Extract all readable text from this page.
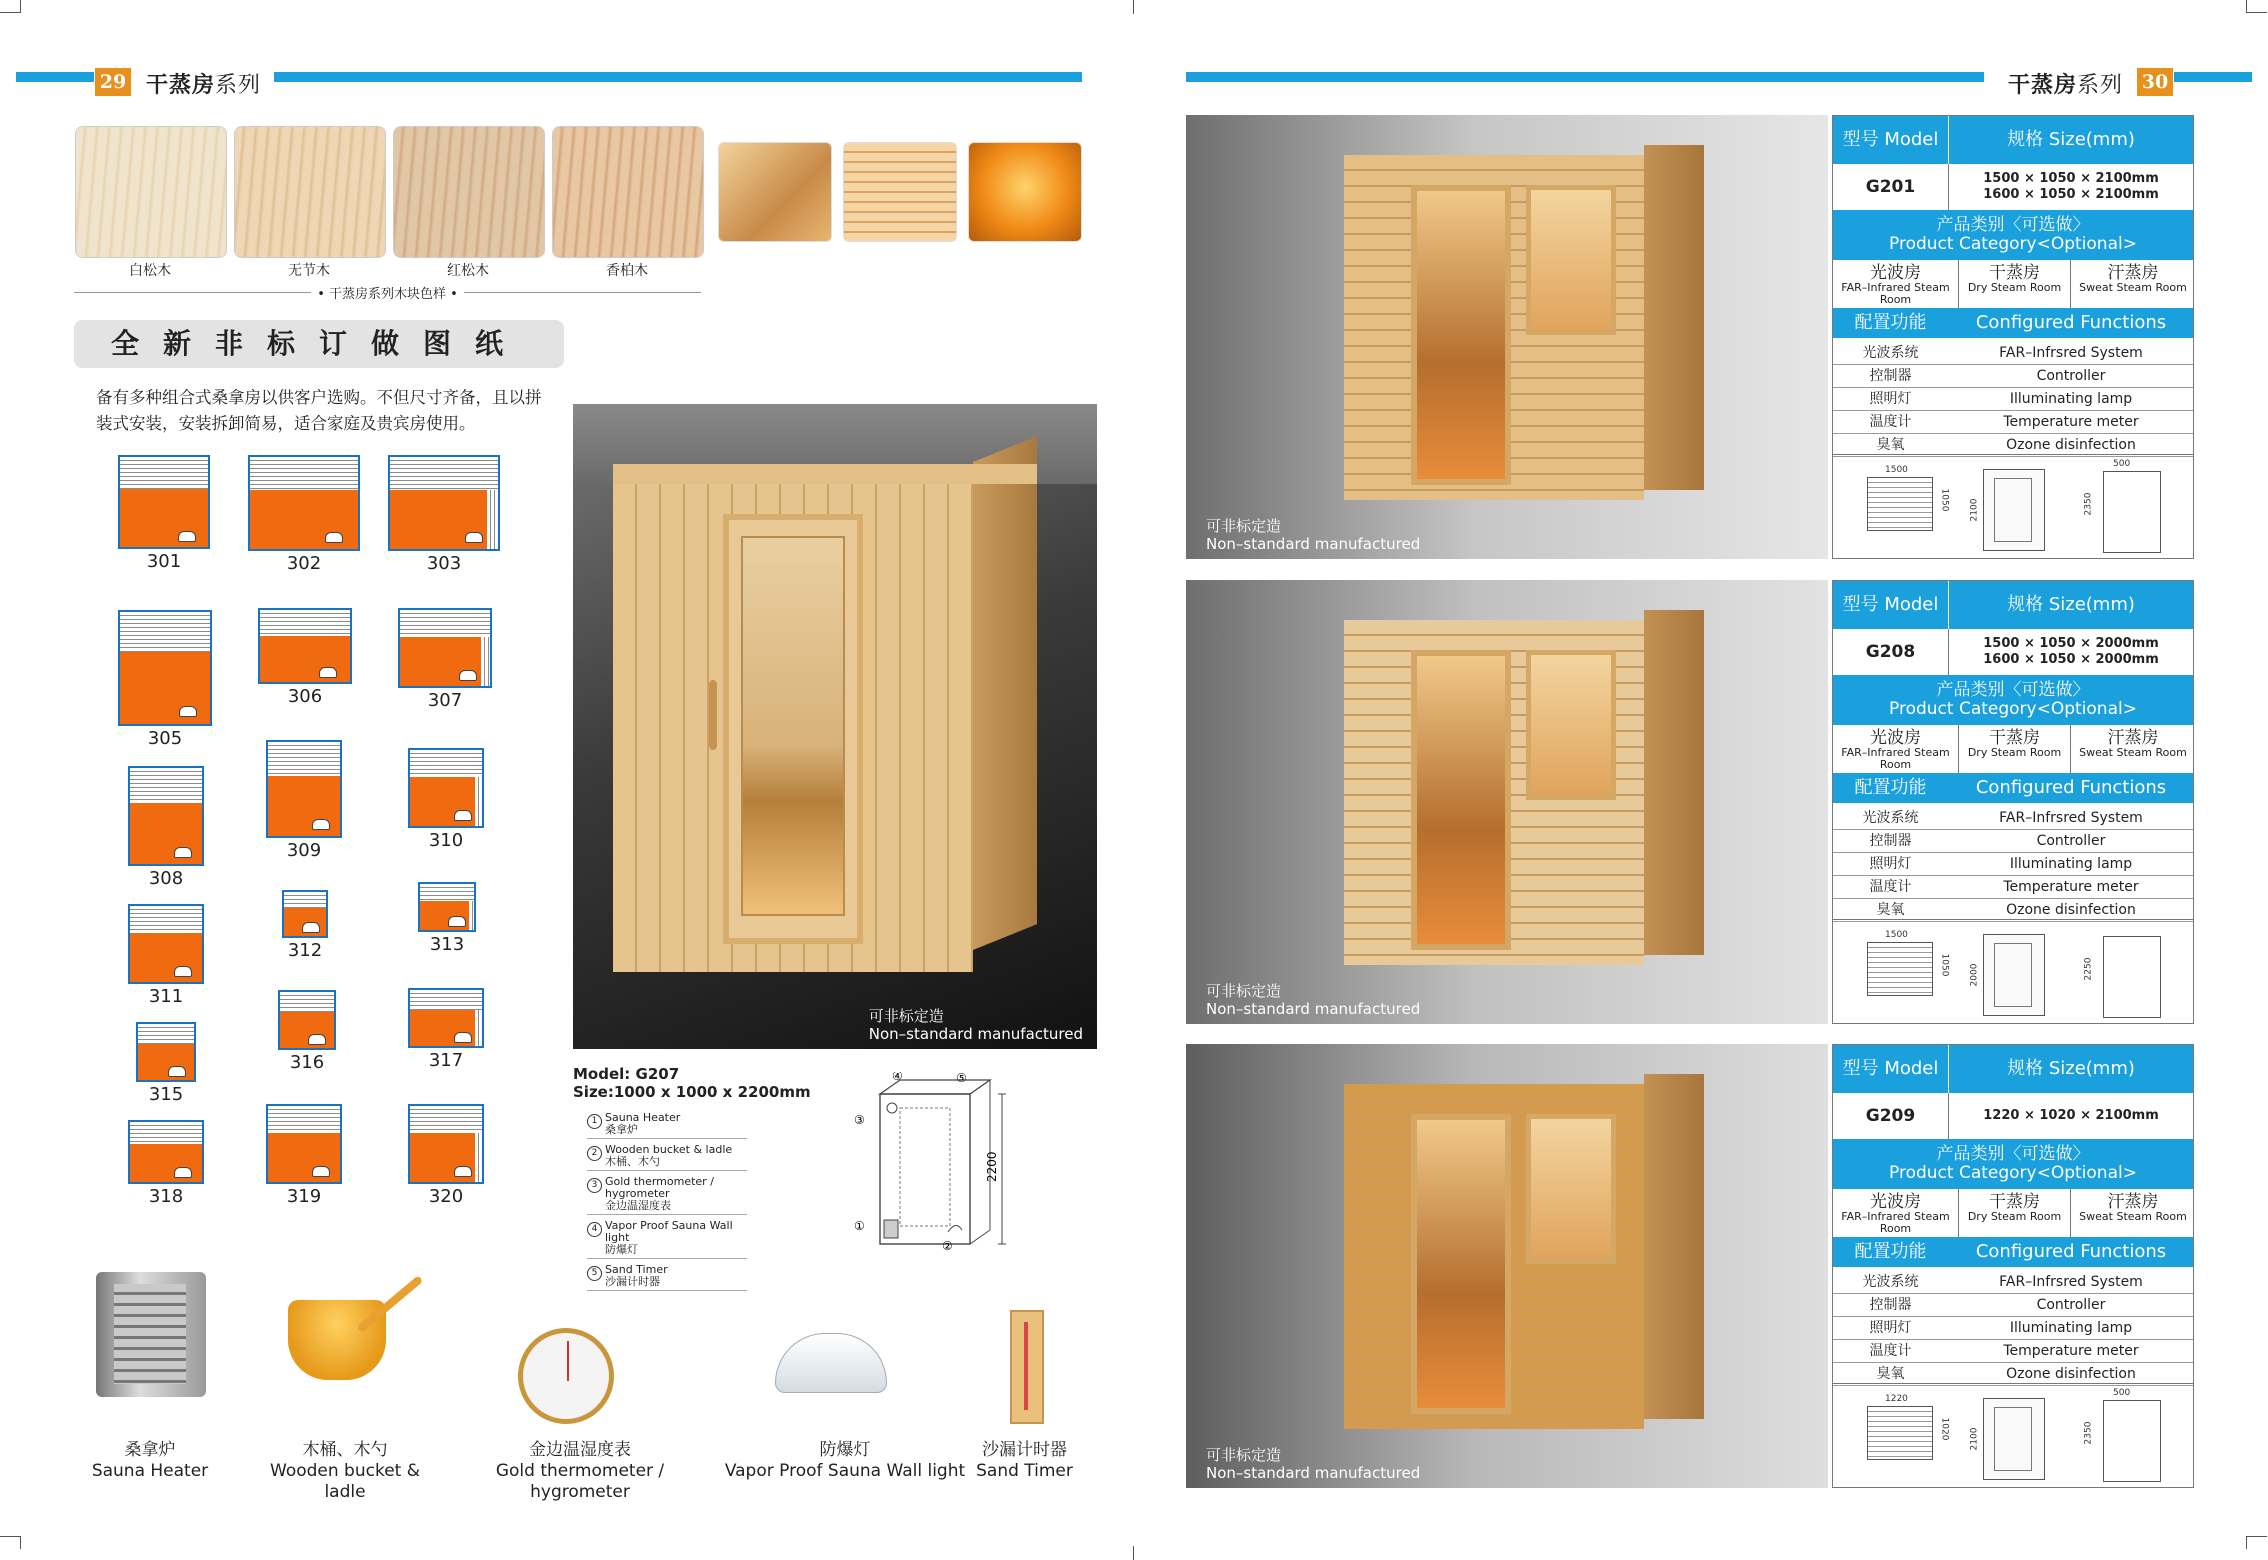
29 干蒸房系列
白松木	无节木	红松木	香柏木
• 干蒸房系列木块色样 •
全新非标订做图纸
备有多种组合式桑拿房以供客户选购。不但尺寸齐备，且以拼装式安装，安装拆卸简易，适合家庭及贵宾房使用。
301	302	303
305
306	307
308
309	310
311
312	313
315
316	317
318	319	320
可非标定造
Non–standard manufactured
Model: G207
Size:1000 x 1000 x 2200mm
1 Sauna Heater
桑拿炉
2 Wooden bucket & ladle
木桶、木勺
3 Gold thermometer / hygrometer
金边温湿度表
4 Vapor Proof Sauna Wall light
防爆灯
5 Sand Timer
沙漏计时器
2200
④	⑤
③
①
②
桑拿炉
Sauna Heater
木桶、木勺
Wooden bucket & ladle
金边温湿度表
Gold thermometer / hygrometer
防爆灯
Vapor Proof Sauna Wall light
沙漏计时器
Sand Timer
干蒸房系列 30
可非标定造
Non–standard manufactured
型号 Model	规格 Size(mm)
G201	1500 × 1050 × 2100mm
1600 × 1050 × 2100mm
产品类别〈可选做〉
Product Category<Optional>
光波房
FAR–Infrared Steam Room
干蒸房
Dry Steam Room
汗蒸房
Sweat Steam Room
配置功能	Configured Functions
光波系统	FAR–Infrsred System
控制器	Controller
照明灯	Illuminating lamp
温度计	Temperature meter
臭氧	Ozone disinfection
1500
1050 2100	2350
500
可非标定造
Non–standard manufactured
型号 Model	规格 Size(mm)
G208	1500 × 1050 × 2000mm
1600 × 1050 × 2000mm
产品类别〈可选做〉
Product Category<Optional>
光波房
FAR–Infrared Steam Room
干蒸房
Dry Steam Room
汗蒸房
Sweat Steam Room
配置功能	Configured Functions
光波系统	FAR–Infrsred System
控制器	Controller
照明灯	Illuminating lamp
温度计	Temperature meter
臭氧	Ozone disinfection
1500
1050 2000	2250
可非标定造
Non–standard manufactured
型号 Model	规格 Size(mm)
G209	1220 × 1020 × 2100mm
产品类别〈可选做〉
Product Category<Optional>
光波房
FAR–Infrared Steam Room
干蒸房
Dry Steam Room
汗蒸房
Sweat Steam Room
配置功能	Configured Functions
光波系统	FAR–Infrsred System
控制器	Controller
照明灯	Illuminating lamp
温度计	Temperature meter
臭氧	Ozone disinfection
1220
1020 2100	2350
500
